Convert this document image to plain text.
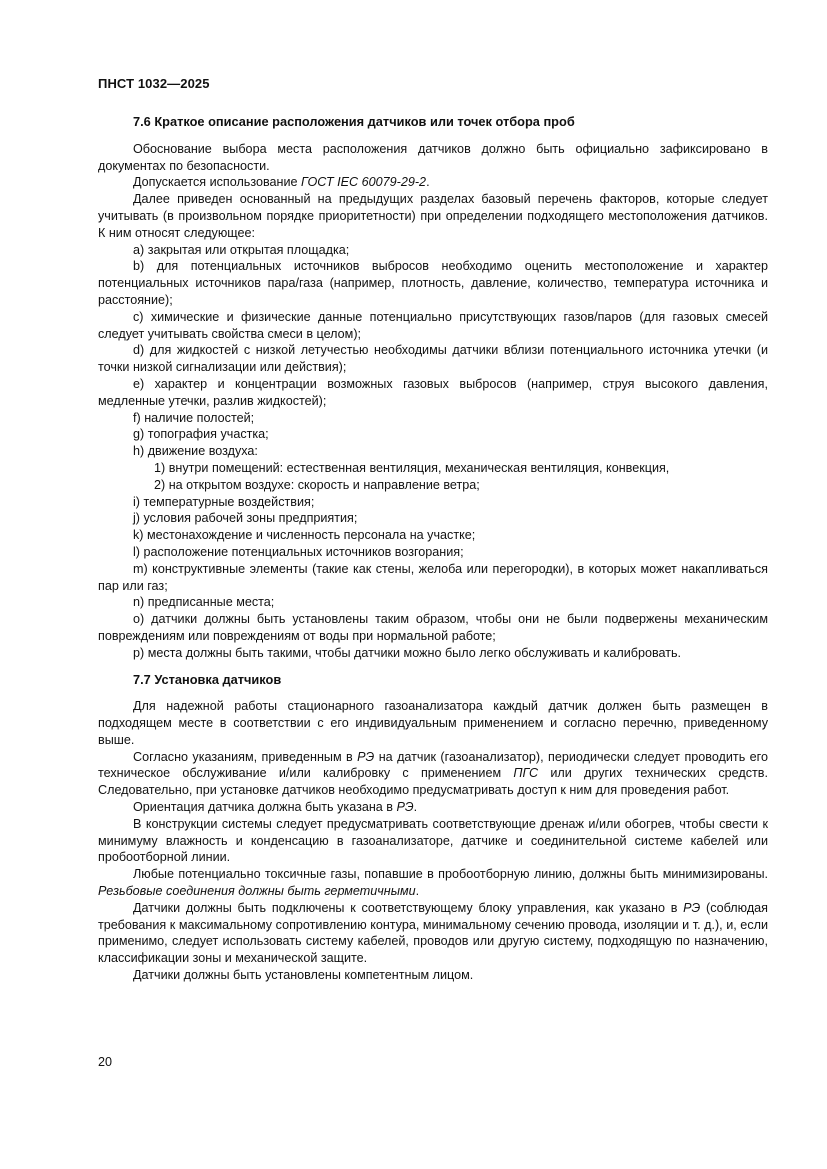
ПНСТ 1032—2025

7.6 Краткое описание расположения датчиков или точек отбора проб

Обоснование выбора места расположения датчиков должно быть официально зафиксировано в документах по безопасности.

Допускается использование ГОСТ IEC 60079-29-2.

Далее приведен основанный на предыдущих разделах базовый перечень факторов, которые следует учитывать (в произвольном порядке приоритетности) при определении подходящего местоположения датчиков. К ним относят следующее:

a) закрытая или открытая площадка;

b) для потенциальных источников выбросов необходимо оценить местоположение и характер потенциальных источников пара/газа (например, плотность, давление, количество, температура источника и расстояние);

c) химические и физические данные потенциально присутствующих газов/паров (для газовых смесей следует учитывать свойства смеси в целом);

d) для жидкостей с низкой летучестью необходимы датчики вблизи потенциального источника утечки (и точки низкой сигнализации или действия);

e) характер и концентрации возможных газовых выбросов (например, струя высокого давления, медленные утечки, разлив жидкостей);

f) наличие полостей;

g) топография участка;

h) движение воздуха:

1) внутри помещений: естественная вентиляция, механическая вентиляция, конвекция,

2) на открытом воздухе: скорость и направление ветра;

i) температурные воздействия;

j) условия рабочей зоны предприятия;

k) местонахождение и численность персонала на участке;

l) расположение потенциальных источников возгорания;

m) конструктивные элементы (такие как стены, желоба или перегородки), в которых может накапливаться пар или газ;

n) предписанные места;

o) датчики должны быть установлены таким образом, чтобы они не были подвержены механическим повреждениям или повреждениям от воды при нормальной работе;

p) места должны быть такими, чтобы датчики можно было легко обслуживать и калибровать.

7.7 Установка датчиков

Для надежной работы стационарного газоанализатора каждый датчик должен быть размещен в подходящем месте в соответствии с его индивидуальным применением и согласно перечню, приведенному выше.

Согласно указаниям, приведенным в РЭ на датчик (газоанализатор), периодически следует проводить его техническое обслуживание и/или калибровку с применением ПГС или других технических средств. Следовательно, при установке датчиков необходимо предусматривать доступ к ним для проведения работ.

Ориентация датчика должна быть указана в РЭ.

В конструкции системы следует предусматривать соответствующие дренаж и/или обогрев, чтобы свести к минимуму влажность и конденсацию в газоанализаторе, датчике и соединительной системе кабелей или пробоотборной линии.

Любые потенциально токсичные газы, попавшие в пробоотборную линию, должны быть минимизированы. Резьбовые соединения должны быть герметичными.

Датчики должны быть подключены к соответствующему блоку управления, как указано в РЭ (соблюдая требования к максимальному сопротивлению контура, минимальному сечению провода, изоляции и т. д.), и, если применимо, следует использовать систему кабелей, проводов или другую систему, подходящую по назначению, классификации зоны и механической защите.

Датчики должны быть установлены компетентным лицом.

20
